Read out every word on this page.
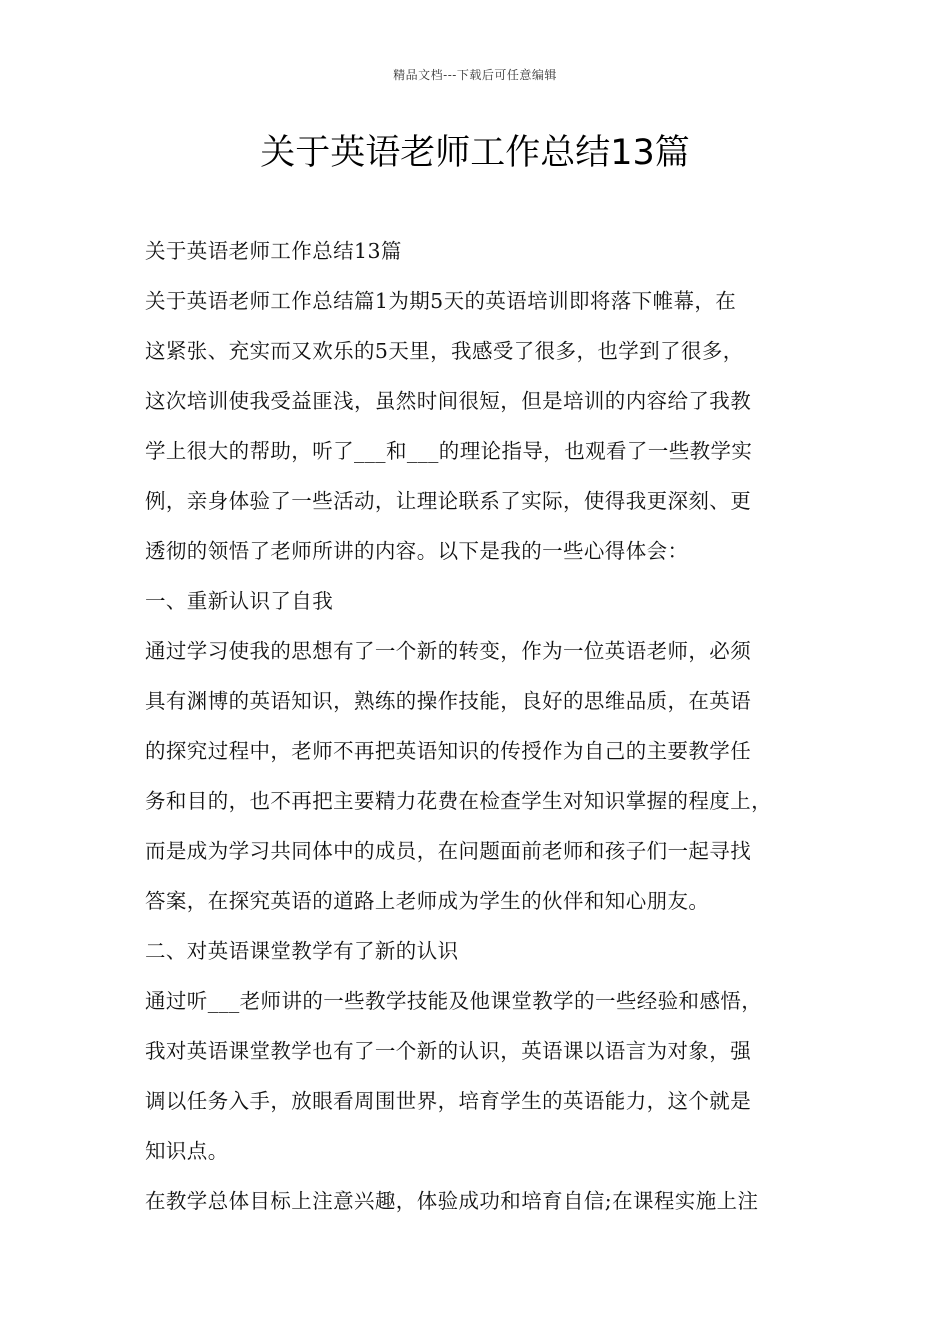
精品文档---下载后可任意编辑
关于英语老师工作总结13篇
关于英语老师工作总结13篇
关于英语老师工作总结篇1为期5天的英语培训即将落下帷幕，在
这紧张、充实而又欢乐的5天里，我感受了很多，也学到了很多，
这次培训使我受益匪浅，虽然时间很短，但是培训的内容给了我教
学上很大的帮助，听了___和___的理论指导，也观看了一些教学实
例，亲身体验了一些活动，让理论联系了实际，使得我更深刻、更
透彻的领悟了老师所讲的内容。以下是我的一些心得体会：
一、重新认识了自我
通过学习使我的思想有了一个新的转变，作为一位英语老师，必须
具有渊博的英语知识，熟练的操作技能，良好的思维品质，在英语
的探究过程中，老师不再把英语知识的传授作为自己的主要教学任
务和目的，也不再把主要精力花费在检查学生对知识掌握的程度上，
而是成为学习共同体中的成员，在问题面前老师和孩子们一起寻找
答案，在探究英语的道路上老师成为学生的伙伴和知心朋友。
二、对英语课堂教学有了新的认识
通过听___老师讲的一些教学技能及他课堂教学的一些经验和感悟，
我对英语课堂教学也有了一个新的认识，英语课以语言为对象，强
调以任务入手，放眼看周围世界，培育学生的英语能力，这个就是
知识点。
在教学总体目标上注意兴趣，体验成功和培育自信;在课程实施上注
